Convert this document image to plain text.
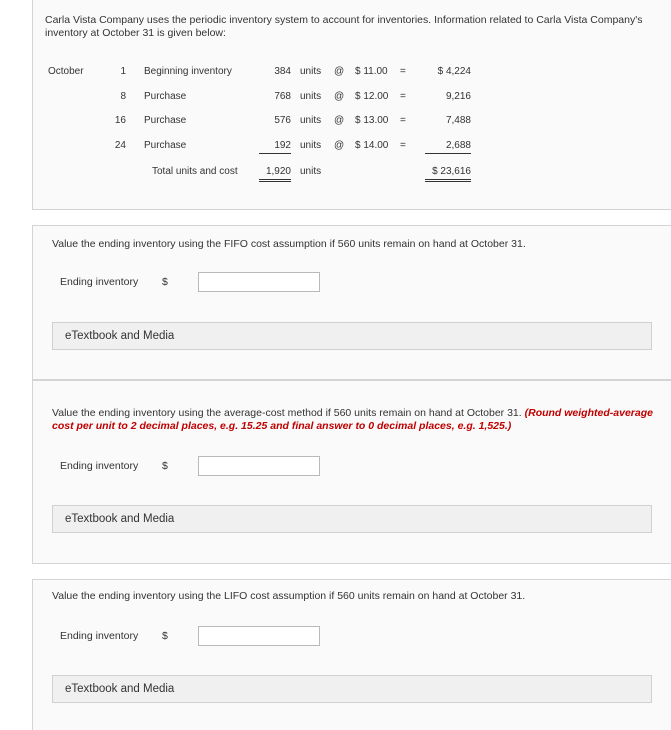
Carla Vista Company uses the periodic inventory system to account for inventories. Information related to Carla Vista Company's inventory at October 31 is given below:
October	1 Beginning inventory	384 units @ $ 11.00 =	$ 4,224
8 Purchase	768 units @ $ 12.00 =	9,216
16 Purchase	576 units @ $ 13.00 =	7,488
24 Purchase	192 units @ $ 14.00 =	2,688
Total units and cost	1,920 units	$ 23,616
Value the ending inventory using the FIFO cost assumption if 560 units remain on hand at October 31.
Ending inventory $
eTextbook and Media
Value the ending inventory using the average-cost method if 560 units remain on hand at October 31. (Round weighted-average cost per unit to 2 decimal places, e.g. 15.25 and final answer to 0 decimal places, e.g. 1,525.)
Ending inventory $
eTextbook and Media
Value the ending inventory using the LIFO cost assumption if 560 units remain on hand at October 31.
Ending inventory $
eTextbook and Media
